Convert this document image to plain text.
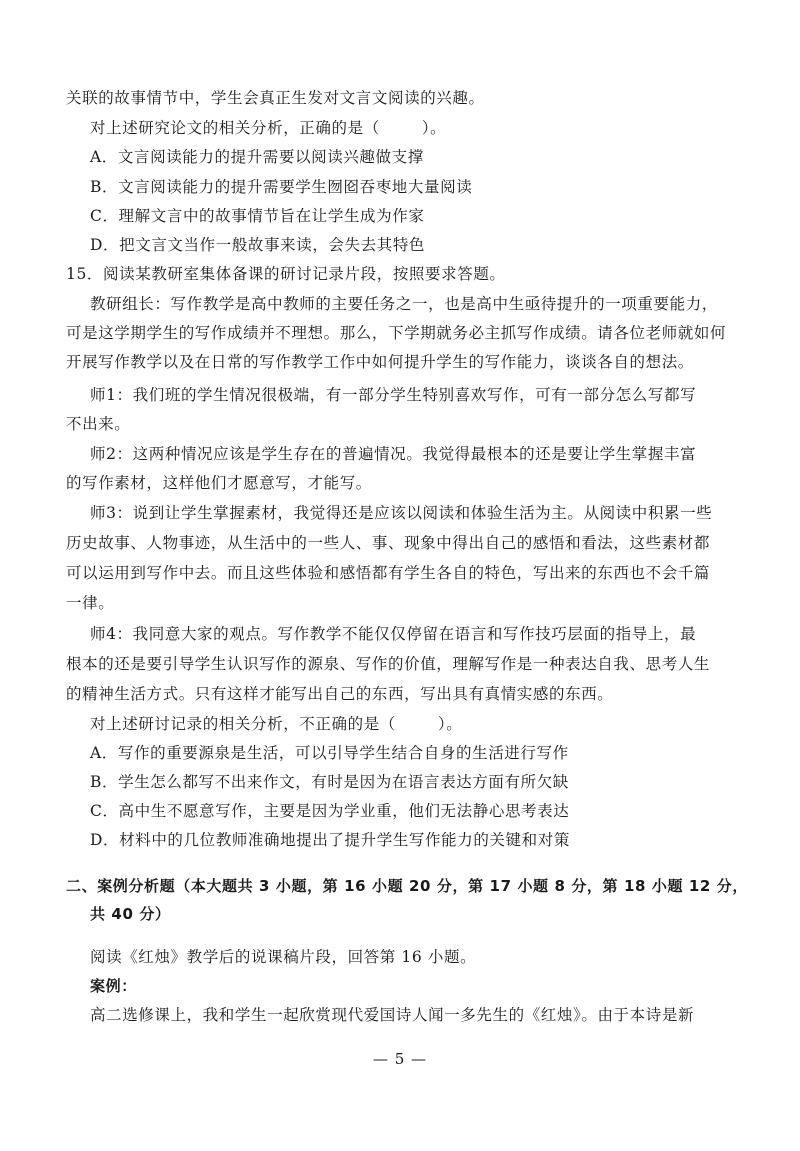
关联的故事情节中，学生会真正生发对文言文阅读的兴趣。
对上述研究论文的相关分析，正确的是（	）。
A．文言阅读能力的提升需要以阅读兴趣做支撑
B．文言阅读能力的提升需要学生囫囵吞枣地大量阅读
C．理解文言中的故事情节旨在让学生成为作家
D．把文言文当作一般故事来读，会失去其特色
15．阅读某教研室集体备课的研讨记录片段，按照要求答题。
教研组长：写作教学是高中教师的主要任务之一，也是高中生亟待提升的一项重要能力，
可是这学期学生的写作成绩并不理想。那么，下学期就务必主抓写作成绩。请各位老师就如何
开展写作教学以及在日常的写作教学工作中如何提升学生的写作能力，谈谈各自的想法。
师1：我们班的学生情况很极端，有一部分学生特别喜欢写作，可有一部分怎么写都写
不出来。
师2：这两种情况应该是学生存在的普遍情况。我觉得最根本的还是要让学生掌握丰富
的写作素材，这样他们才愿意写，才能写。
师3：说到让学生掌握素材，我觉得还是应该以阅读和体验生活为主。从阅读中积累一些
历史故事、人物事迹，从生活中的一些人、事、现象中得出自己的感悟和看法，这些素材都
可以运用到写作中去。而且这些体验和感悟都有学生各自的特色，写出来的东西也不会千篇
一律。
师4：我同意大家的观点。写作教学不能仅仅停留在语言和写作技巧层面的指导上，最
根本的还是要引导学生认识写作的源泉、写作的价值，理解写作是一种表达自我、思考人生
的精神生活方式。只有这样才能写出自己的东西，写出具有真情实感的东西。
对上述研讨记录的相关分析，不正确的是（	）。
A．写作的重要源泉是生活，可以引导学生结合自身的生活进行写作
B．学生怎么都写不出来作文，有时是因为在语言表达方面有所欠缺
C．高中生不愿意写作，主要是因为学业重，他们无法静心思考表达
D．材料中的几位教师准确地提出了提升学生写作能力的关键和对策
二、案例分析题（本大题共 3 小题，第 16 小题 20 分，第 17 小题 8 分，第 18 小题 12 分，
共 40 分）
阅读《红烛》教学后的说课稿片段，回答第 16 小题。
案例：
高二选修课上，我和学生一起欣赏现代爱国诗人闻一多先生的《红烛》。由于本诗是新
— 5 —
